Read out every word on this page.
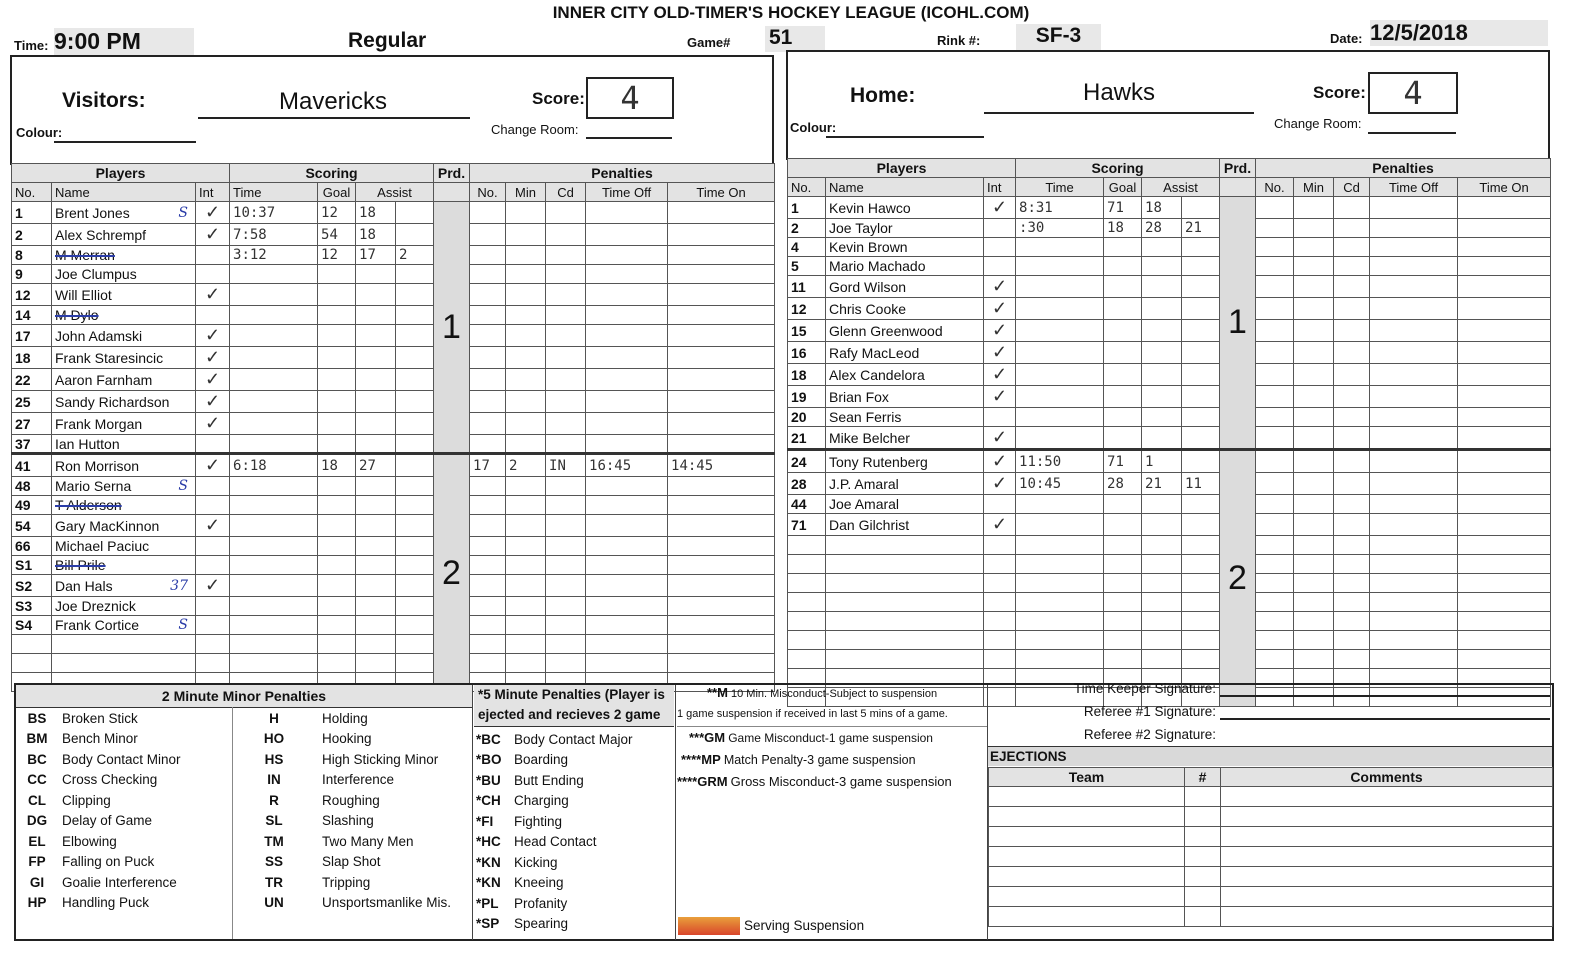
INNER CITY OLD-TIMER'S HOCKEY LEAGUE (ICOHL.COM)
Time: 9:00 PM	Regular	Game# 51	Rink #:	SF-3	Date: 12/5/2018
Visitors:	Mavericks	Score:	4
Colour:	Change Room:
Home:	Hawks	Score:	4
Colour:	Change Room:
Players			Scoring				Prd.	Penalties				
No.	Name	Int	Time	Goal	Assist			No.	Min	Cd	Time Off	Time On
1	Brent Jones S	✓	10:37	12	18		1					
2	Alex Schrempf	✓	7:58	54	18							
8	M Merran		3:12	12	17	2						
9	Joe Clumpus											
12	Will Elliot	✓										
14	M Dylo											
17	John Adamski	✓										
18	Frank Staresincic	✓										
22	Aaron Farnham	✓										
25	Sandy Richardson	✓										
27	Frank Morgan	✓										
37	Ian Hutton											
41	Ron Morrison	✓	6:18	18	27		2	17	2	IN	16:45	14:45
48	Mario Serna S											

49	T Alderson											
54	Gary MacKinnon	✓										
66	Michael Paciuc											
S1	Bill Prile											
S2	Dan Hals 37	✓										
S3	Joe Dreznick											
S4	Frank Cortice S											

Players			Scoring				Prd.	Penalties				
No.	Name	Int	Time	Goal	Assist			No.	Min	Cd	Time Off	Time On
1	Kevin Hawco	✓	8:31	71	18		1					
2	Joe Taylor		:30	18	28	21						
4	Kevin Brown											
5	Mario Machado											
11	Gord Wilson	✓										
12	Chris Cooke	✓										
15	Glenn Greenwood	✓										
16	Rafy MacLeod	✓										
18	Alex Candelora	✓										
19	Brian Fox	✓										
20	Sean Ferris											
21	Mike Belcher	✓										
24	Tony Rutenberg	✓	11:50	71	1		2					
28	J.P. Amaral	✓	10:45	28	21	11						
44	Joe Amaral											
71	Dan Gilchrist	✓										

2 Minute Minor Penalties
BS	Broken Stick	H	Holding
BM	Bench Minor	HO	Hooking
BC	Body Contact Minor	HS	High Sticking Minor
CC	Cross Checking	IN	Interference
CL	Clipping	R	Roughing
DG	Delay of Game	SL	Slashing
EL	Elbowing	TM	Two Many Men
FP	Falling on Puck	SS	Slap Shot
GI	Goalie Interference	TR	Tripping
HP	Handling Puck	UN	Unsportsmanlike Mis.
*5 Minute Penalties (Player is ejected and recieves 2 game
*BC	Body Contact Major
*BO	Boarding
*BU	Butt Ending
*CH	Charging
*FI	Fighting
*HC	Head Contact
*KN	Kicking
*KN	Kneeing
*PL	Profanity
*SP	Spearing
**M 10 Min. Misconduct-Subject to suspension
1 game suspension if received in last 5 mins of a game.
***GM Game Misconduct-1 game suspension
****MP Match Penalty-3 game suspension
****GRM Gross Misconduct-3 game suspension
Serving Suspension
Time Keeper Signature:
Referee #1 Signature:
Referee #2 Signature:
EJECTIONS
Team	#	Comments
